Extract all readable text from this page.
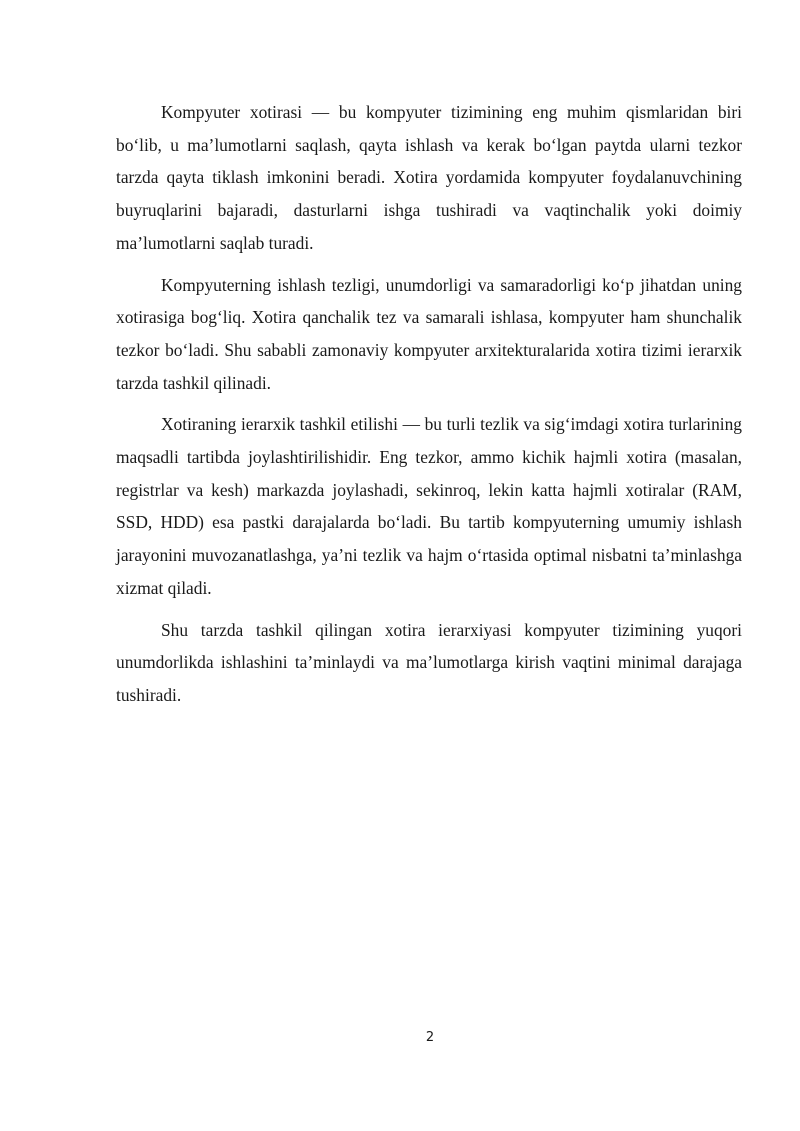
Kompyuter xotirasi — bu kompyuter tizimining eng muhim qismlaridan biri bo‘lib, u ma’lumotlarni saqlash, qayta ishlash va kerak bo‘lgan paytda ularni tezkor tarzda qayta tiklash imkonini beradi. Xotira yordamida kompyuter foydalanuvchining buyruqlarini bajaradi, dasturlarni ishga tushiradi va vaqtinchalik yoki doimiy ma’lumotlarni saqlab turadi.

Kompyuterning ishlash tezligi, unumdorligi va samaradorligi ko‘p jihatdan uning xotirasiga bog‘liq. Xotira qanchalik tez va samarali ishlasa, kompyuter ham shunchalik tezkor bo‘ladi. Shu sababli zamonaviy kompyuter arxitekturalarida xotira tizimi ierarxik tarzda tashkil qilinadi.

Xotiraning ierarxik tashkil etilishi — bu turli tezlik va sig‘imdagi xotira turlarining maqsadli tartibda joylashtirilishidir. Eng tezkor, ammo kichik hajmli xotira (masalan, registrlar va kesh) markazda joylashadi, sekinroq, lekin katta hajmli xotiralar (RAM, SSD, HDD) esa pastki darajalarda bo‘ladi. Bu tartib kompyuterning umumiy ishlash jarayonini muvozanatlashga, ya’ni tezlik va hajm o‘rtasida optimal nisbatni ta’minlashga xizmat qiladi.

Shu tarzda tashkil qilingan xotira ierarxiyasi kompyuter tizimining yuqori unumdorlikda ishlashini ta’minlaydi va ma’lumotlarga kirish vaqtini minimal darajaga tushiradi.

2
